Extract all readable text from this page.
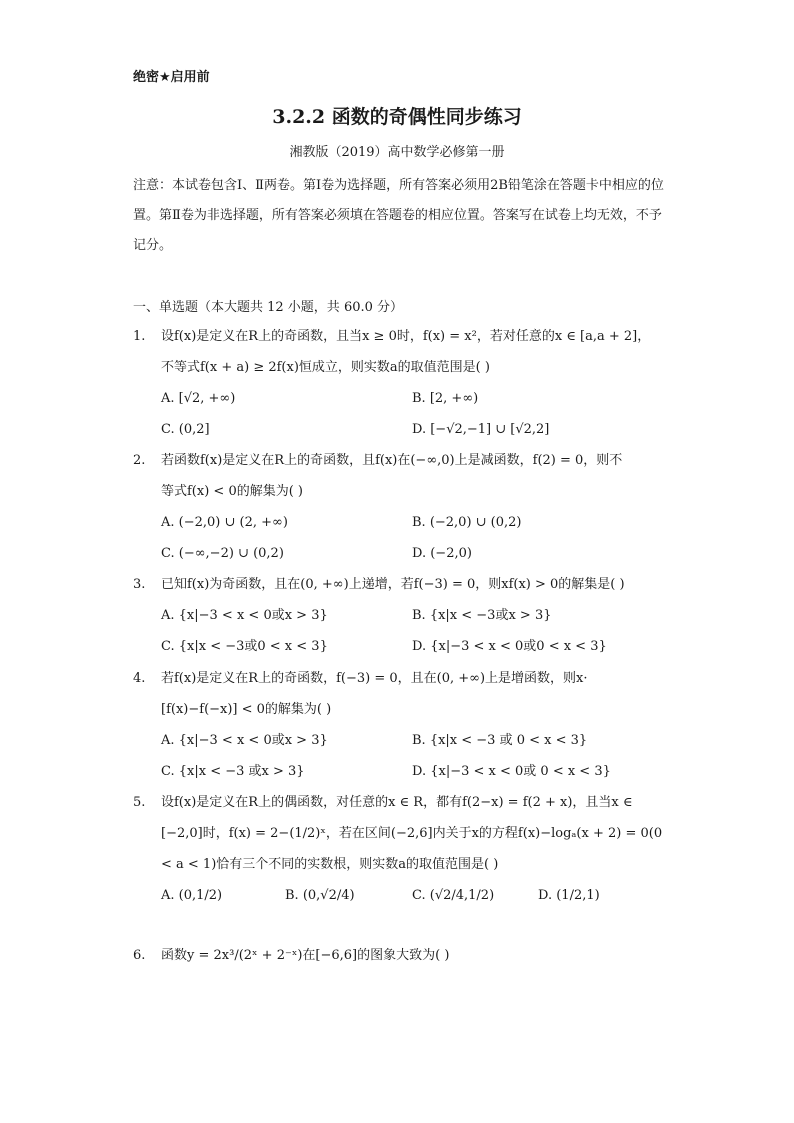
绝密★启用前
3.2.2 函数的奇偶性同步练习
湘教版（2019）高中数学必修第一册
注意：本试卷包含Ⅰ、Ⅱ两卷。第Ⅰ卷为选择题，所有答案必须用2B铅笔涂在答题卡中相应的位置。第Ⅱ卷为非选择题，所有答案必须填在答题卷的相应位置。答案写在试卷上均无效，不予记分。
一、单选题（本大题共 12 小题，共 60.0 分）
1. 设f(x)是定义在R上的奇函数，且当x ≥ 0时，f(x) = x²，若对任意的x ∈ [a,a + 2]，
不等式f(x + a) ≥ 2f(x)恒成立，则实数a的取值范围是( )
A. [√2, +∞)	B. [2, +∞)
C. (0,2]	D. [−√2,−1] ∪ [√2,2]
2. 若函数f(x)是定义在R上的奇函数，且f(x)在(−∞,0)上是减函数，f(2) = 0，则不
等式f(x) < 0的解集为( )
A. (−2,0) ∪ (2, +∞)	B. (−2,0) ∪ (0,2)
C. (−∞,−2) ∪ (0,2)	D. (−2,0)
3. 已知f(x)为奇函数，且在(0, +∞)上递增，若f(−3) = 0，则xf(x) > 0的解集是( )
A. {x|−3 < x < 0或x > 3}	B. {x|x < −3或x > 3}
C. {x|x < −3或0 < x < 3}	D. {x|−3 < x < 0或0 < x < 3}
4. 若f(x)是定义在R上的奇函数，f(−3) = 0，且在(0, +∞)上是增函数，则x·
[f(x)−f(−x)] < 0的解集为( )
A. {x|−3 < x < 0或x > 3}	B. {x|x < −3 或 0 < x < 3}
C. {x|x < −3 或x > 3}	D. {x|−3 < x < 0或 0 < x < 3}
5. 设f(x)是定义在R上的偶函数，对任意的x ∈ R，都有f(2−x) = f(2 + x)，且当x ∈
[−2,0]时，f(x) = 2−(1/2)ˣ，若在区间(−2,6]内关于x的方程f(x)−logₐ(x + 2) = 0(0
< a < 1)恰有三个不同的实数根，则实数a的取值范围是( )
A. (0,1/2)	B. (0,√2/4)	C. (√2/4,1/2)	D. (1/2,1)
6. 函数y = 2x³/(2ˣ + 2⁻ˣ)在[−6,6]的图象大致为( )
